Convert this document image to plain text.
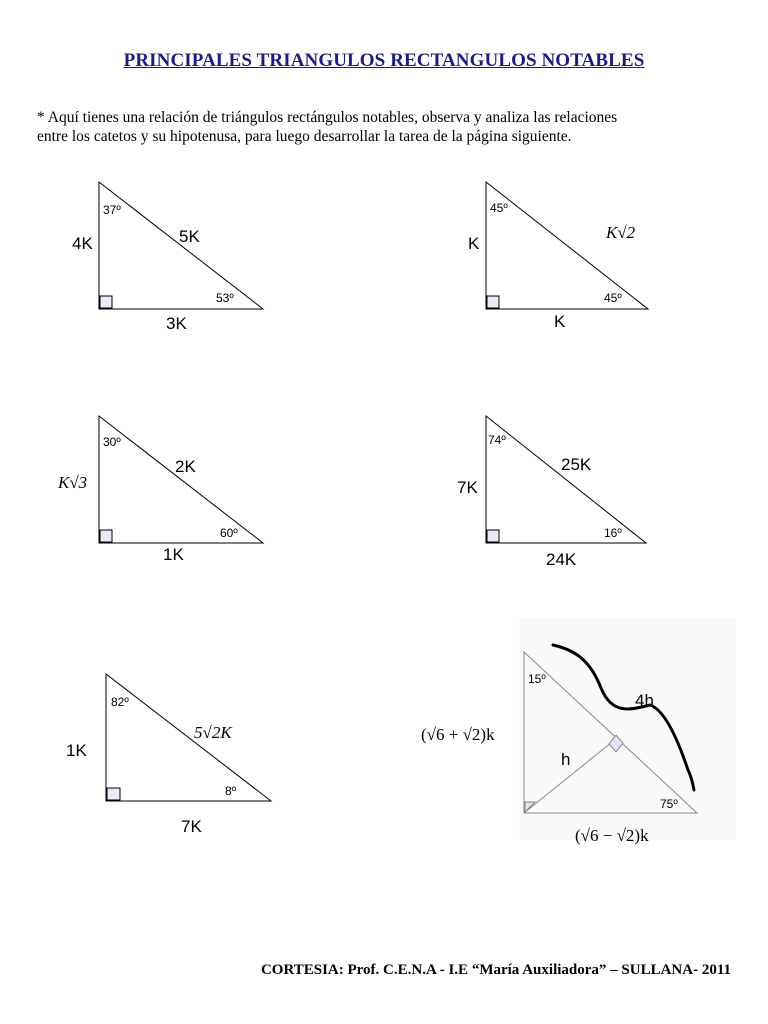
PRINCIPALES TRIANGULOS RECTANGULOS NOTABLES
* Aquí tienes una relación de triángulos rectángulos notables, observa y analiza las relaciones
entre los catetos y su hipotenusa, para luego desarrollar la tarea de la página siguiente.
37º
53º
4K
3K
5K
45º
45º
K
K
K√2
30º
60º
K√3
1K
2K
74º
16º
7K
24K
25K
82º
8º
1K
7K
5√2K
15º
75º
4h
h
(√6 + √2)k
(√6 − √2)k
CORTESIA: Prof. C.E.N.A - I.E “María Auxiliadora” – SULLANA- 2011
